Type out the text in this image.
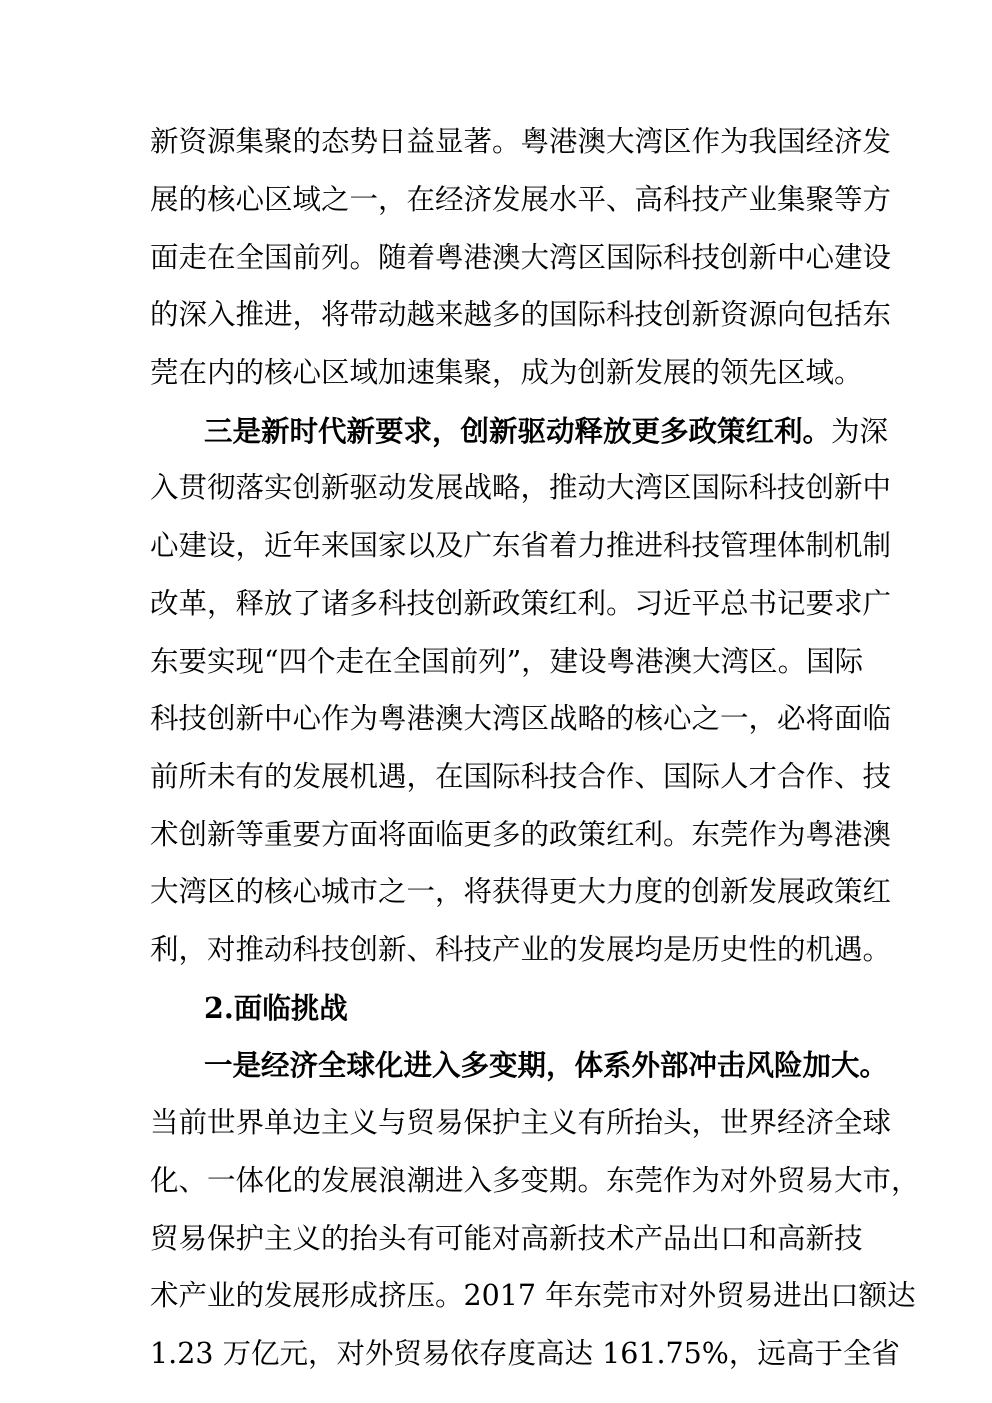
新资源集聚的态势日益显著。粤港澳大湾区作为我国经济发
展的核心区域之一，在经济发展水平、高科技产业集聚等方
面走在全国前列。随着粤港澳大湾区国际科技创新中心建设
的深入推进，将带动越来越多的国际科技创新资源向包括东
莞在内的核心区域加速集聚，成为创新发展的领先区域。
三是新时代新要求，创新驱动释放更多政策红利。为深
入贯彻落实创新驱动发展战略，推动大湾区国际科技创新中
心建设，近年来国家以及广东省着力推进科技管理体制机制
改革，释放了诸多科技创新政策红利。习近平总书记要求广
东要实现“四个走在全国前列”，建设粤港澳大湾区。国际
科技创新中心作为粤港澳大湾区战略的核心之一，必将面临
前所未有的发展机遇，在国际科技合作、国际人才合作、技
术创新等重要方面将面临更多的政策红利。东莞作为粤港澳
大湾区的核心城市之一，将获得更大力度的创新发展政策红
利，对推动科技创新、科技产业的发展均是历史性的机遇。
2.面临挑战
一是经济全球化进入多变期，体系外部冲击风险加大。
当前世界单边主义与贸易保护主义有所抬头，世界经济全球
化、一体化的发展浪潮进入多变期。东莞作为对外贸易大市，
贸易保护主义的抬头有可能对高新技术产品出口和高新技
术产业的发展形成挤压。2017 年东莞市对外贸易进出口额达
1.23 万亿元，对外贸易依存度高达 161.75%，远高于全省
